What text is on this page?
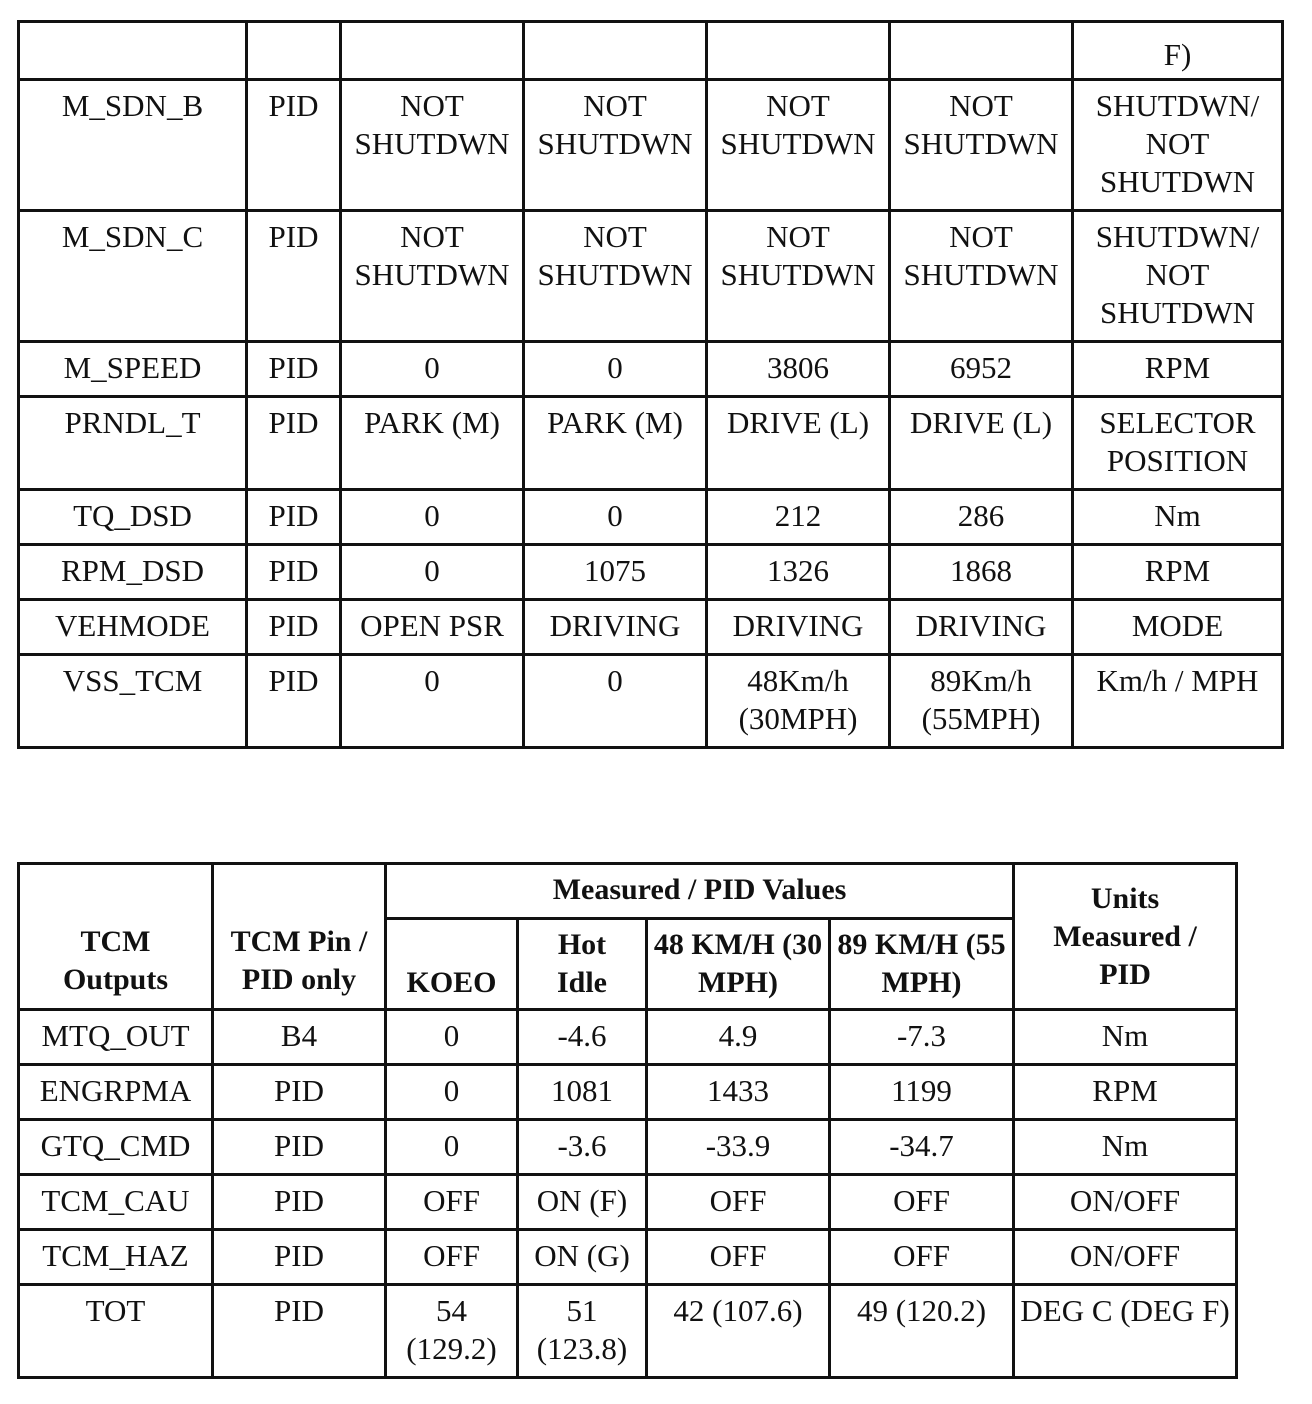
						F)
M_SDN_B	PID	NOT SHUTDWN	NOT SHUTDWN	NOT SHUTDWN	NOT SHUTDWN	SHUTDWN/ NOT SHUTDWN
M_SDN_C	PID	NOT SHUTDWN	NOT SHUTDWN	NOT SHUTDWN	NOT SHUTDWN	SHUTDWN/ NOT SHUTDWN
M_SPEED	PID	0	0	3806	6952	RPM
PRNDL_T	PID	PARK (M)	PARK (M)	DRIVE (L)	DRIVE (L)	SELECTOR POSITION
TQ_DSD	PID	0	0	212	286	Nm
RPM_DSD	PID	0	1075	1326	1868	RPM
VEHMODE	PID	OPEN PSR	DRIVING	DRIVING	DRIVING	MODE
VSS_TCM	PID	0	0	48Km/h (30MPH)	89Km/h (55MPH)	Km/h / MPH
TCM Outputs	TCM Pin / PID only	Measured / PID Values				Units Measured / PID
		KOEO	Hot Idle	48 KM/H (30 MPH)	89 KM/H (55 MPH)	
MTQ_OUT	B4	0	-4.6	4.9	-7.3	Nm
ENGRPMA	PID	0	1081	1433	1199	RPM
GTQ_CMD	PID	0	-3.6	-33.9	-34.7	Nm
TCM_CAU	PID	OFF	ON (F)	OFF	OFF	ON/OFF
TCM_HAZ	PID	OFF	ON (G)	OFF	OFF	ON/OFF
TOT	PID	54 (129.2)	51 (123.8)	42 (107.6)	49 (120.2)	DEG C (DEG F)
